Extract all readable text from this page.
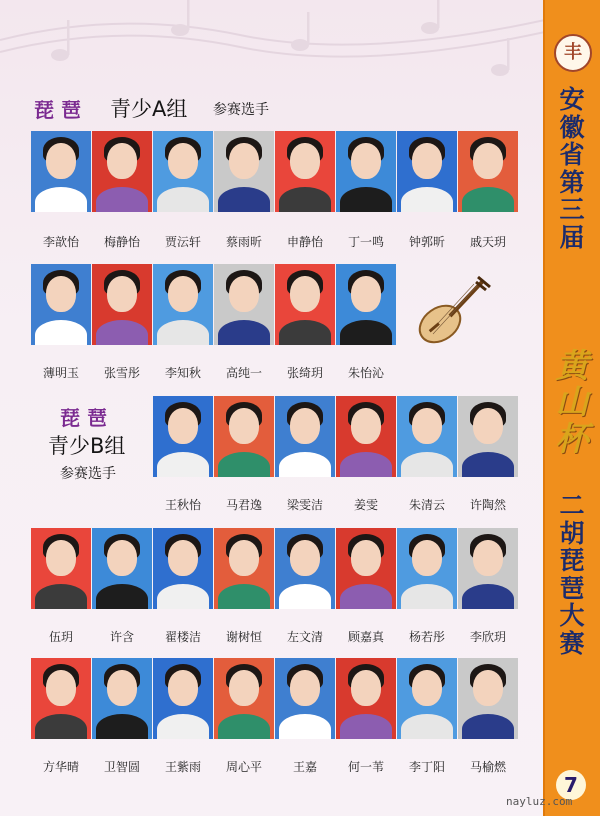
琵 琶 青少A组 参赛选手
琵 琶
青少B组
参赛选手
李歆怡	梅静怡	贾沄轩	蔡雨昕	申静怡	丁一鸣	钟郭昕	戚天玥
薄明玉	张雪彤	李知秋	高纯一	张绮玥	朱怡沁
王秋怡	马君逸	梁雯洁	姜雯	朱清云	许陶然
伍玥	许含	翟楼洁	谢树恒	左文清	顾嘉真	杨若彤	李欣玥
方华晴	卫智圆	王紫雨	周心平	王嘉	何一苇	李丁阳	马榆燃
丰
安
徽
省
第
三
届
黄
山
杯
二
胡
琵
琶
大
赛
7
nayluz.com
